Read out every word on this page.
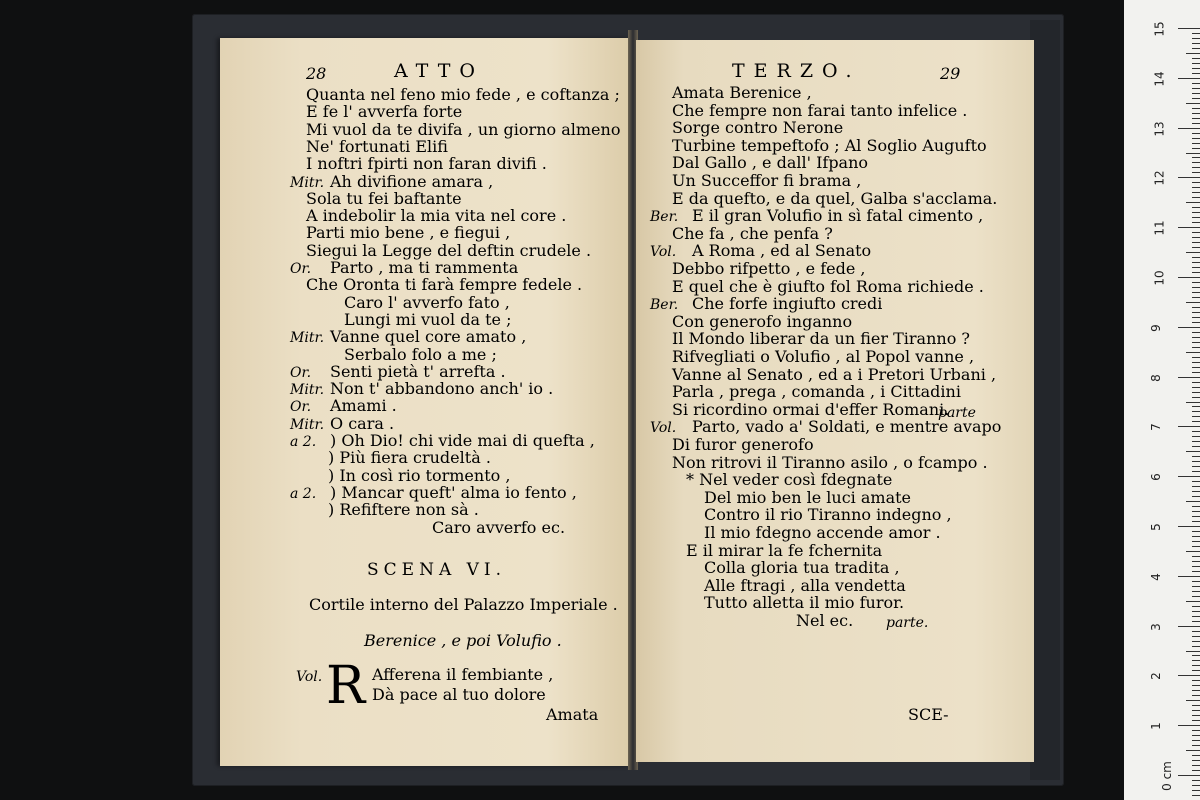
28	ATTO
Quanta nel feno mio fede , e coftanza ;
E fe l' avverfa forte
Mi vuol da te divifa , un giorno almeno
Ne' fortunati Elifi
I noftri fpirti non faran divifi .
Mitr. Ah divifione amara ,
Sola tu fei baftante
A indebolir la mia vita nel core .
Parti mio bene , e fiegui ,
Siegui la Legge del deftin crudele .
Or. Parto , ma ti rammenta
Che Oronta ti farà fempre fedele .
Caro l' avverfo fato ,
Lungi mi vuol da te ;
Mitr. Vanne quel core amato ,
Serbalo folo a me ;
Or. Senti pietà t' arrefta .
Mitr. Non t' abbandono anch' io .
Or. Amami .
Mitr. O cara .
a 2. ) Oh Dio! chi vide mai di quefta ,
) Più fiera crudeltà .
) In così rio tormento ,
a 2. ) Mancar queft' alma io fento ,
) Refiftere non sà .
Caro avverfo ec.
SCENA VI.
Cortile interno del Palazzo Imperiale .
Berenice , e poi Volufio .
Vol. R Afferena il fembiante ,
Dà pace al tuo dolore
Amata
TERZO.	29
Amata Berenice ,
Che fempre non farai tanto infelice .
Sorge contro Nerone
Turbine tempeftofo ; Al Soglio Augufto
Dal Gallo , e dall' Ifpano
Un Succeffor fi brama ,
E da quefto, e da quel, Galba s'acclama.
Ber. E il gran Volufio in sì fatal cimento ,
Che fa , che penfa ?
Vol. A Roma , ed al Senato
Debbo rifpetto , e fede ,
E quel che è giufto fol Roma richiede .
Ber. Che forfe ingiufto credi
Con generofo inganno
Il Mondo liberar da un fier Tiranno ?
Rifvegliati o Volufio , al Popol vanne ,
Vanne al Senato , ed a i Pretori Urbani ,
Parla , prega , comanda , i Cittadini
Si ricordino ormai d'effer Romani.
Vol. Parto, vado a' Soldati, e mentre avapo
Di furor generofo
Non ritrovi il Tiranno asilo , o fcampo .
* Nel veder così fdegnate
Del mio ben le luci amate
Contro il rio Tiranno indegno ,
Il mio fdegno accende amor .
E il mirar la fe fchernita
Colla gloria tua tradita ,
Alle ftragi , alla vendetta
Tutto alletta il mio furor.
Nel ec.
parte
parte.
SCE-
15
14
13
12
11
10
9
8
7
6
5
4
3
2
1
0 cm
